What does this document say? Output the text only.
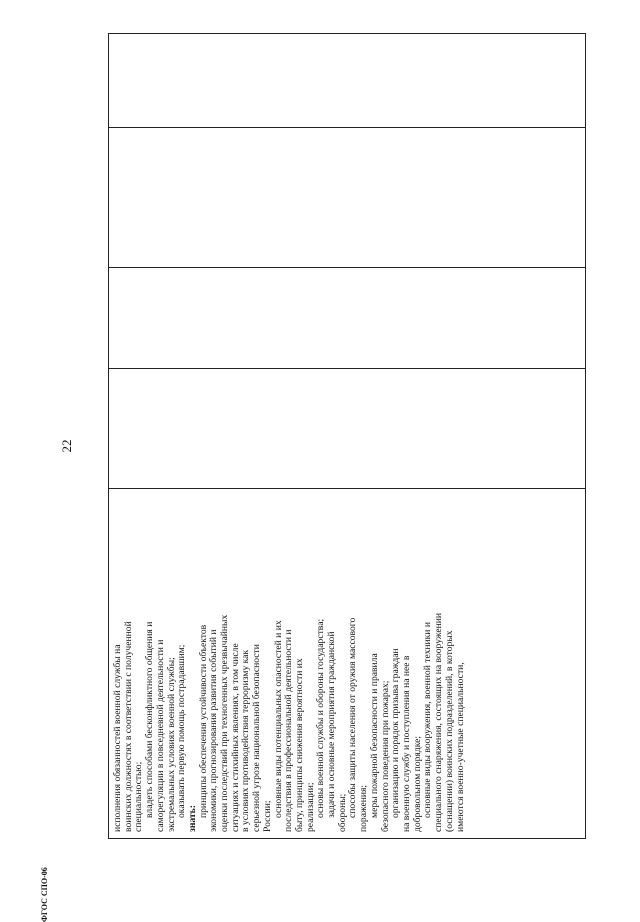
22
исполнения обязанностей военной службы на воинских должностях в соответствии с полученной специальностью; владеть способами бесконфликтного общения и саморегуляции в повседневной деятельности и экстремальных условиях военной службы; оказывать первую помощь пострадавшим;
знать:
принципы обеспечения устойчивости объектов экономики, прогнозирования развития событий и оценки последствий при техногенных чрезвычайных ситуациях и стихийных явлениях, в том числе в условиях противодействия терроризму как серьезной угрозе национальной безопасности России; основные виды потенциальных опасностей и их последствия в профессиональной деятельности и быту, принципы снижения вероятности их реализации; основы военной службы и обороны государства; задачи и основные мероприятия гражданской обороны; способы защиты населения от оружия массового поражения; меры пожарной безопасности и правила безопасного поведения при пожарах; организацию и порядок призыва граждан на военную службу и поступления на нее в добровольном порядке; основные виды вооружения, военной техники и специального снаряжения, состоящих на вооружении (оснащении) воинских подразделений, в которых имеются военно-учетные специальности,
ФГОС СПО-06
